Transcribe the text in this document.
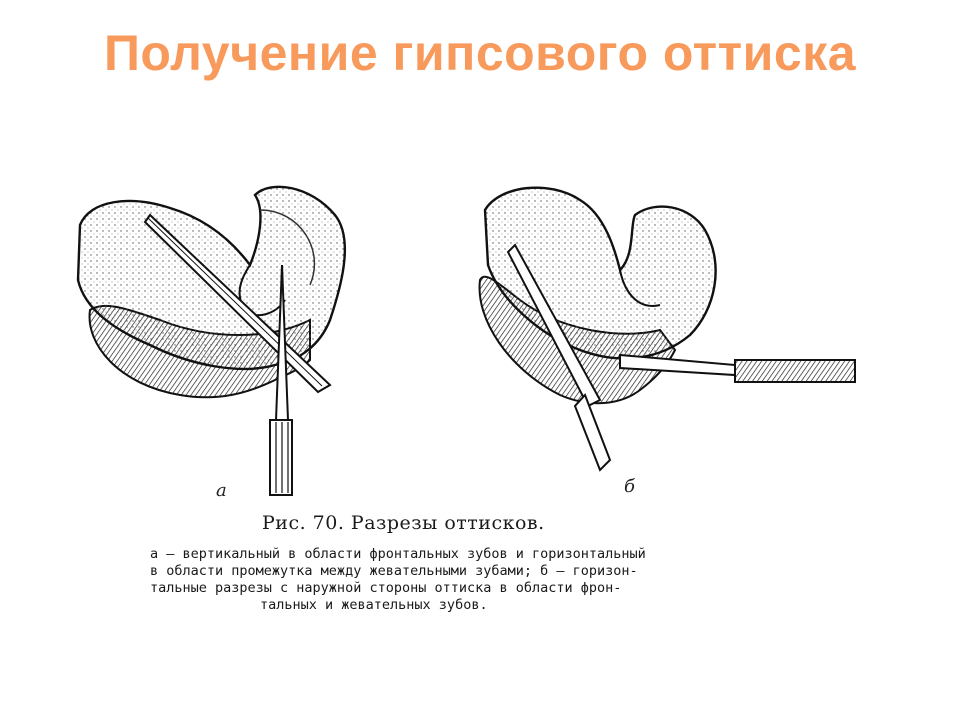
Получение гипсового оттиска
а	б
Рис. 70. Разрезы оттисков.
а — вертикальный в области фронтальных зубов и горизонтальный
в области промежутка между жевательными зубами; б — горизон-
тальные разрезы с наружной стороны оттиска в области фрон-
тальных и жевательных зубов.
